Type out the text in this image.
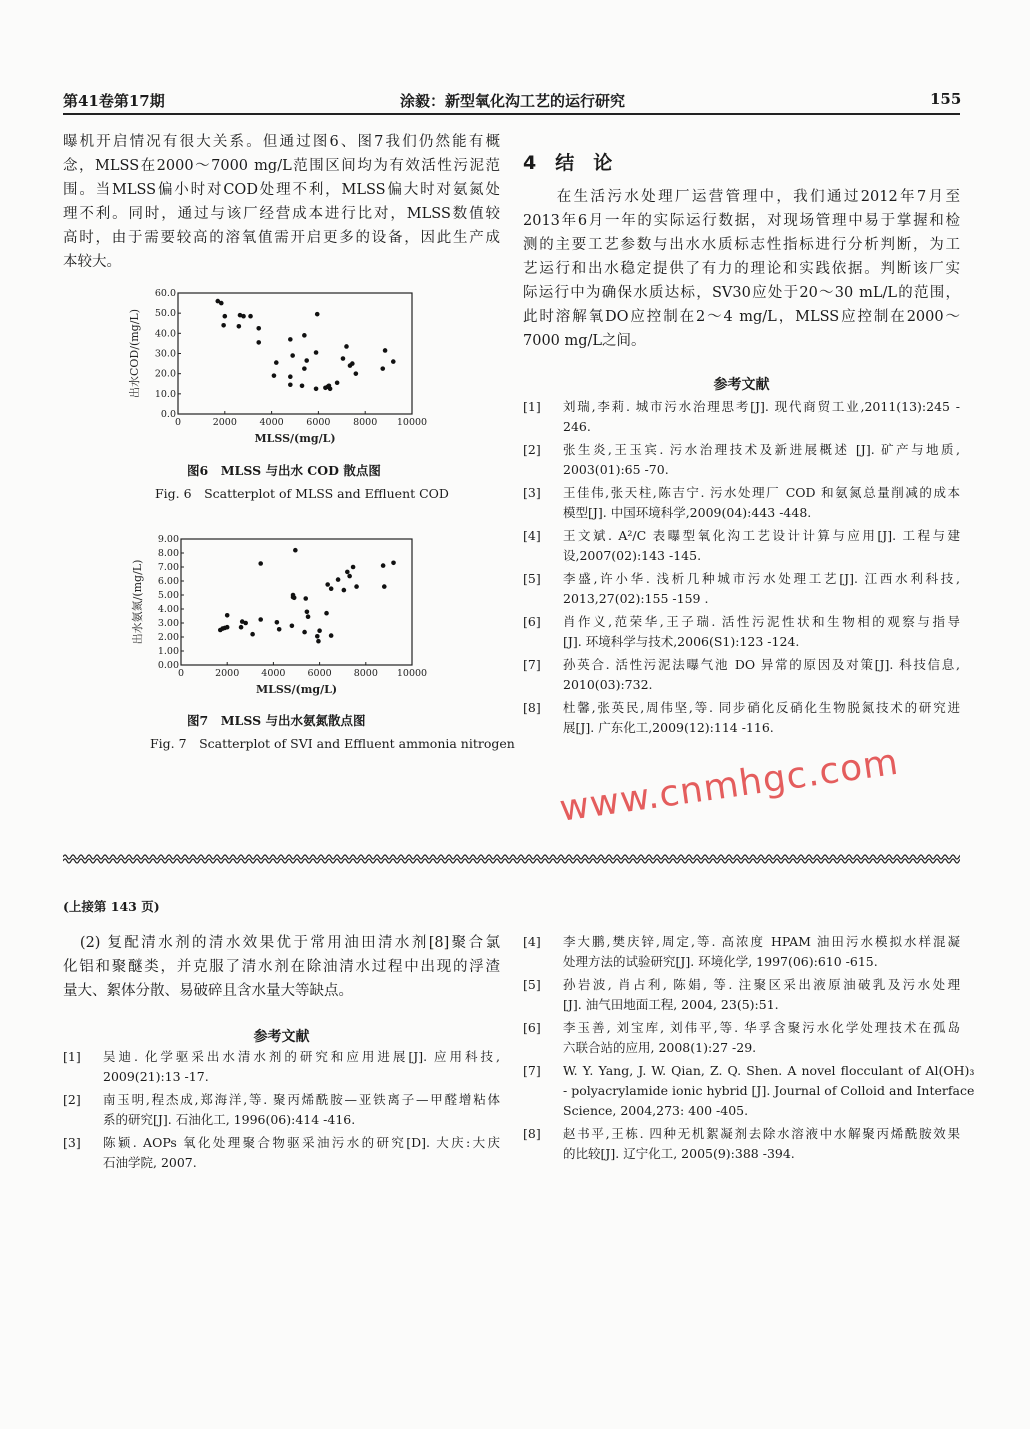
第41卷第17期	涂毅：新型氧化沟工艺的运行研究	155
曝机开启情况有很大关系。但通过图6、图7我们仍然能有概
念，MLSS在2000～7000 mg/L范围区间均为有效活性污泥范
围。当MLSS偏小时对COD处理不利，MLSS偏大时对氨氮处
理不利。同时，通过与该厂经营成本进行比对，MLSS数值较
高时，由于需要较高的溶氧值需开启更多的设备，因此生产成
本较大。
0	2000 4000 6000 8000 10000
0.0
10.0
20.0
30.0
40.0
50.0
60.0
MLSS/(mg/L)
出水COD/(mg/L)
图6　MLSS 与出水 COD 散点图
Fig. 6　Scatterplot of MLSS and Effluent COD
0	2000 4000 6000 8000 10000
0.00
1.00
2.00
3.00
4.00
5.00
6.00
7.00
8.00
9.00
MLSS/(mg/L)
出水氨氮/(mg/L)
图7　MLSS 与出水氨氮散点图
Fig. 7　Scatterplot of SVI and Effluent ammonia nitrogen
4　结　论
　　在生活污水处理厂运营管理中，我们通过2012年7月至
2013年6月一年的实际运行数据，对现场管理中易于掌握和检
测的主要工艺参数与出水水质标志性指标进行分析判断，为工
艺运行和出水稳定提供了有力的理论和实践依据。判断该厂实
际运行中为确保水质达标，SV30应处于20～30 mL/L的范围，
此时溶解氧DO应控制在2～4 mg/L，MLSS应控制在2000～
7000 mg/L之间。
参考文献
[1]	刘瑞,李莉. 城市污水治理思考[J]. 现代商贸工业,2011(13):245 -
246.
[2]	张生炎,王玉宾. 污水治理技术及新进展概述 [J]. 矿产与地质,
2003(01):65 -70.
[3]	王佳伟,张天柱,陈吉宁. 污水处理厂 COD 和氨氮总量削减的成本
模型[J]. 中国环境科学,2009(04):443 -448.
[4]	王文斌. A²/C 表曝型氧化沟工艺设计计算与应用[J]. 工程与建
设,2007(02):143 -145.
[5]	李盛,许小华. 浅析几种城市污水处理工艺[J]. 江西水利科技,
2013,27(02):155 -159 .
[6]	肖作义,范荣华,王子瑞. 活性污泥性状和生物相的观察与指导
[J]. 环境科学与技术,2006(S1):123 -124.
[7]	孙英合. 活性污泥法曝气池 DO 异常的原因及对策[J]. 科技信息,
2010(03):732.
[8]	杜馨,张英民,周伟坚,等. 同步硝化反硝化生物脱氮技术的研究进
展[J]. 广东化工,2009(12):114 -116.
www.cnmhgc.com
(上接第 143 页)
　(2) 复配清水剂的清水效果优于常用油田清水剂[8]聚合氯
化铝和聚醚类，并克服了清水剂在除油清水过程中出现的浮渣
量大、絮体分散、易破碎且含水量大等缺点。
参考文献
[1]	吴迪. 化学驱采出水清水剂的研究和应用进展[J]. 应用科技,
2009(21):13 -17.
[2]	南玉明,程杰成,郑海洋,等. 聚丙烯酰胺—亚铁离子—甲醛增粘体
系的研究[J]. 石油化工, 1996(06):414 -416.
[3]	陈颖. AOPs 氧化处理聚合物驱采油污水的研究[D]. 大庆:大庆
石油学院, 2007.
[4]	李大鹏,樊庆锌,周定,等. 高浓度 HPAM 油田污水模拟水样混凝
处理方法的试验研究[J]. 环境化学, 1997(06):610 -615.
[5]	孙岩波, 肖占利, 陈娟, 等. 注聚区采出液原油破乳及污水处理
[J]. 油气田地面工程, 2004, 23(5):51.
[6]	李玉善, 刘宝库, 刘伟平,等. 华孚含聚污水化学处理技术在孤岛
六联合站的应用, 2008(1):27 -29.
[7]	W. Y. Yang, J. W. Qian, Z. Q. Shen. A novel flocculant of Al(OH)₃
- polyacrylamide ionic hybrid [J]. Journal of Colloid and Interface
Science, 2004,273: 400 -405.
[8]	赵书平,王栋. 四种无机絮凝剂去除水溶液中水解聚丙烯酰胺效果
的比较[J]. 辽宁化工, 2005(9):388 -394.
